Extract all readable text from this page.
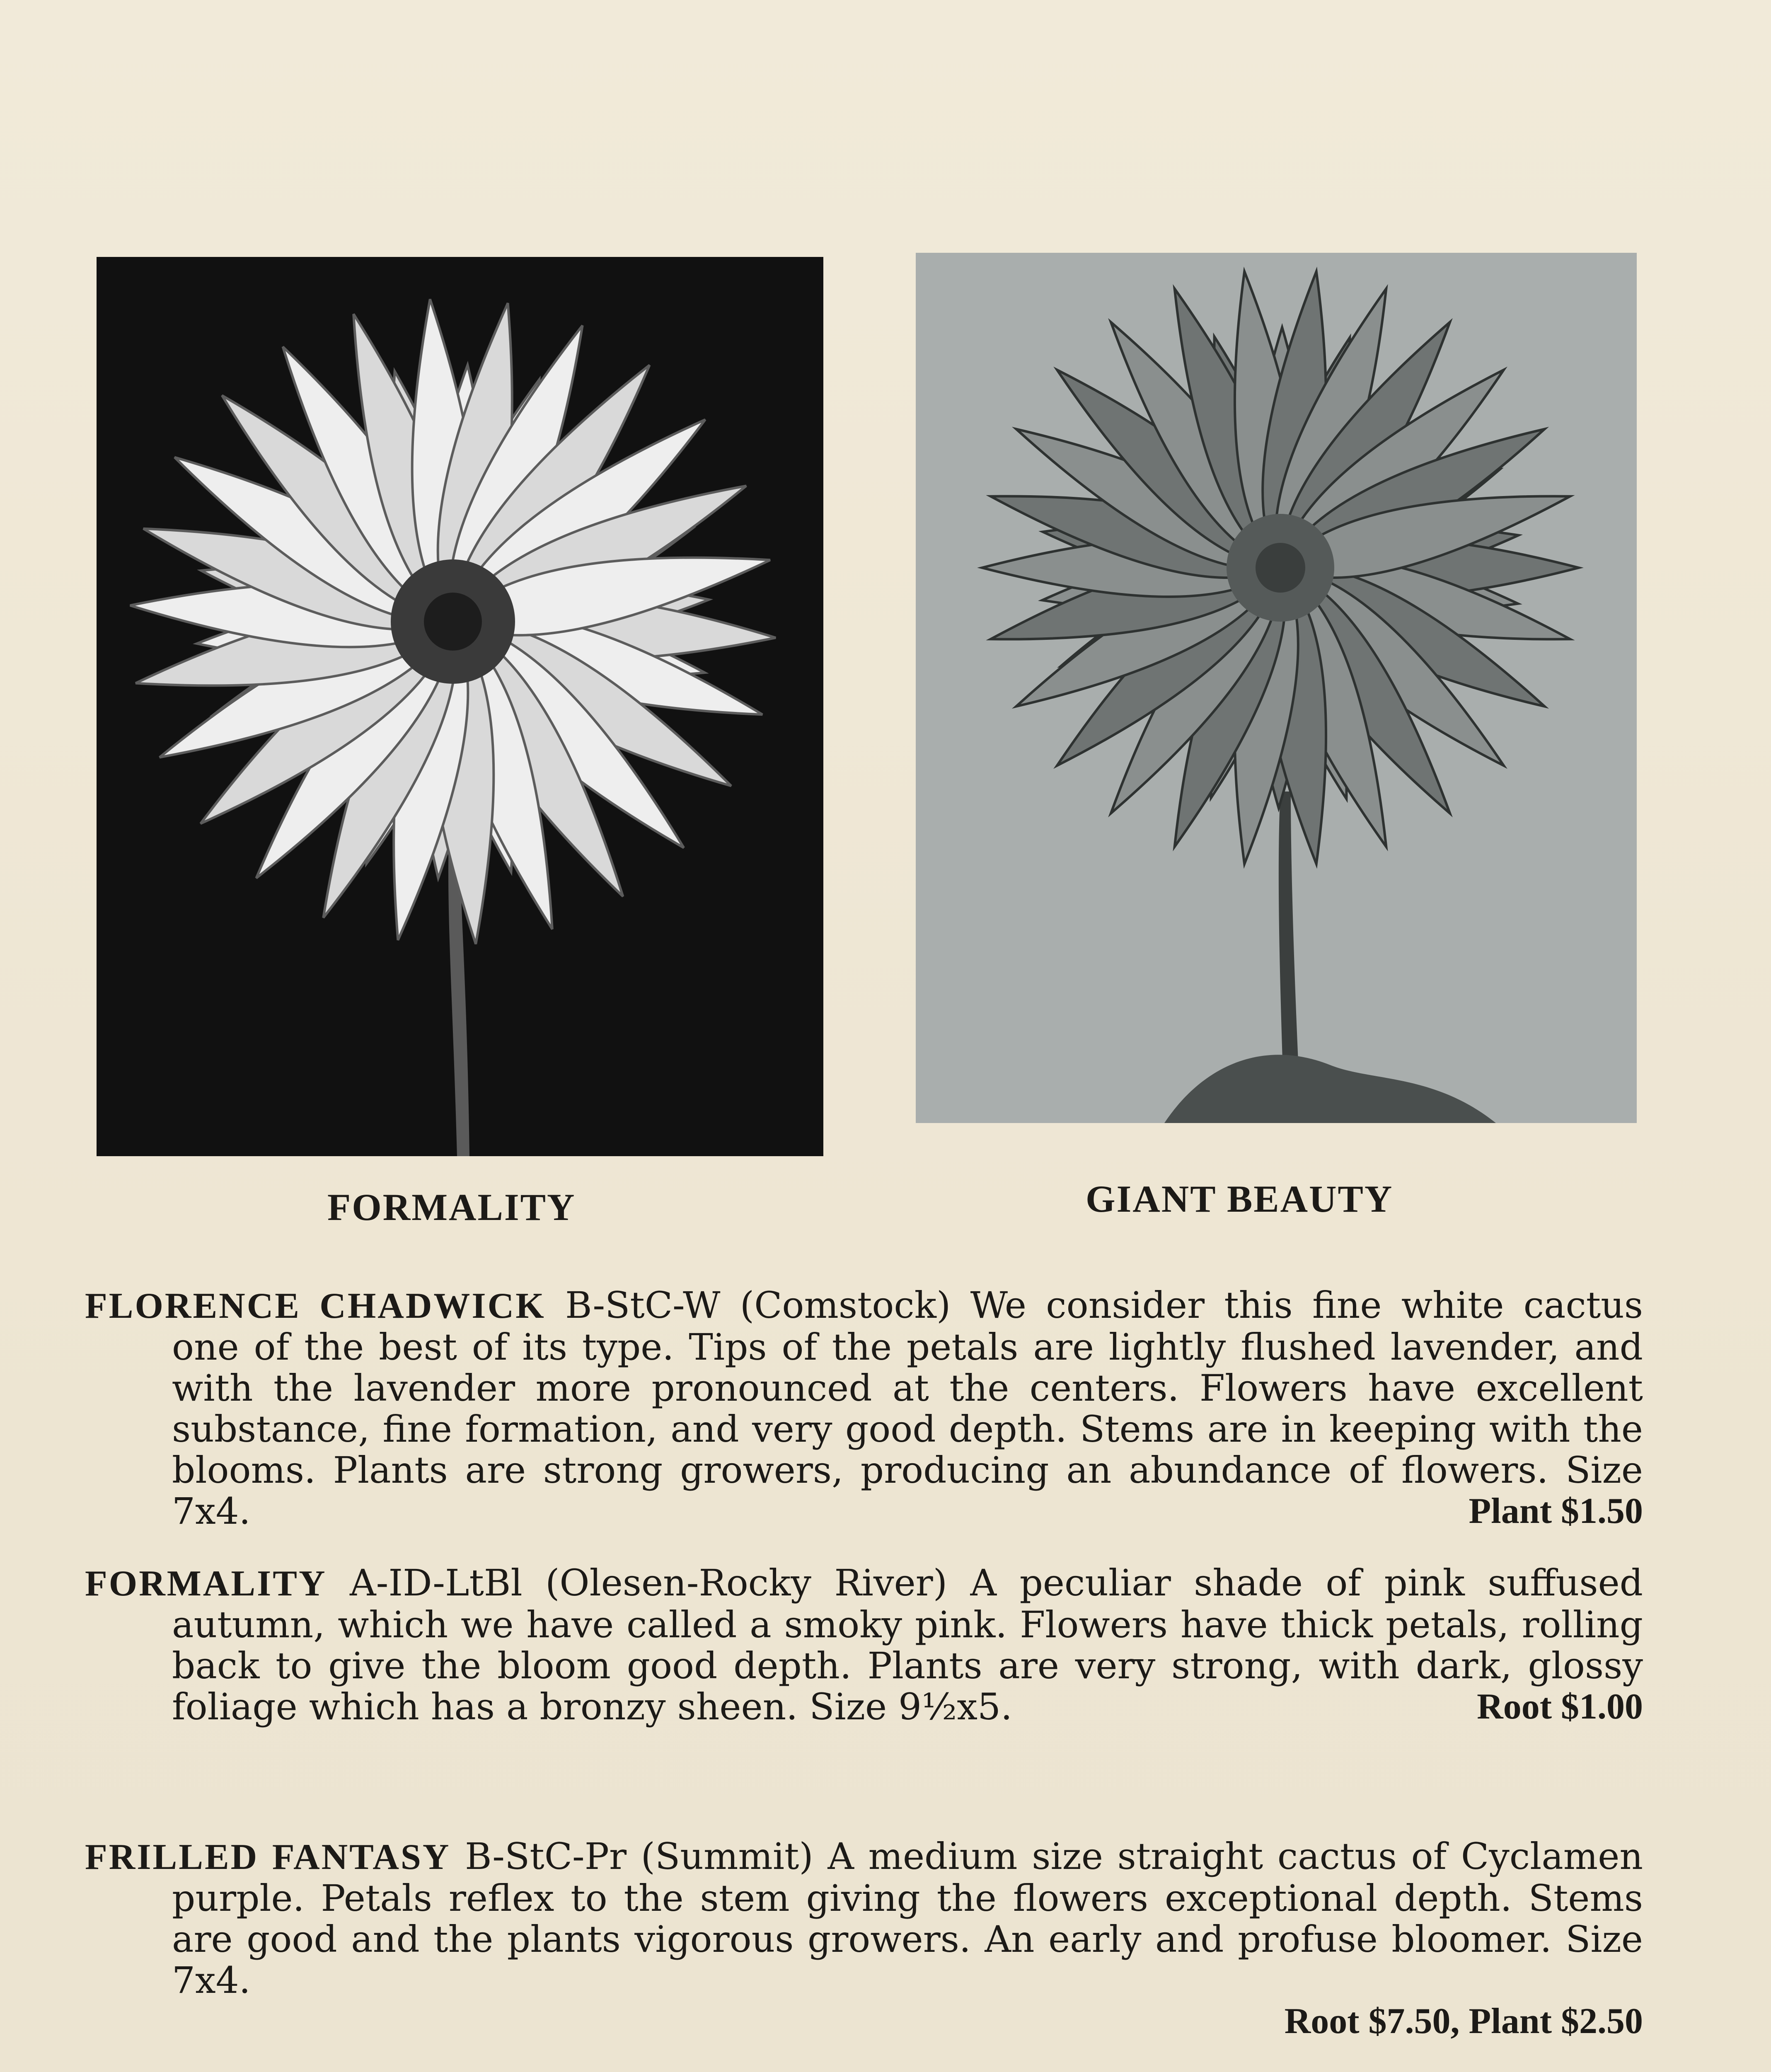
FORMALITY	GIANT BEAUTY

FLORENCE CHADWICK B-StC-W (Comstock) We consider this fine white cactus one of the best of its type. Tips of the petals are lightly flushed lavender, and with the lavender more pronounced at the centers. Flowers have excellent substance, fine formation, and very good depth. Stems are in keeping with the blooms. Plants are strong growers, producing an abundance of flowers. Size 7x4.	Plant $1.50

FORMALITY A-ID-LtBl (Olesen-Rocky River) A peculiar shade of pink suffused autumn, which we have called a smoky pink. Flowers have thick petals, rolling back to give the bloom good depth. Plants are very strong, with dark, glossy foliage which has a bronzy sheen. Size 9½x5.	Root $1.00

FRILLED FANTASY B-StC-Pr (Summit) A medium size straight cactus of Cyclamen purple. Petals reflex to the stem giving the flowers exceptional depth. Stems are good and the plants vigorous growers. An early and profuse bloomer. Size 7x4.

Root $7.50, Plant $2.50
